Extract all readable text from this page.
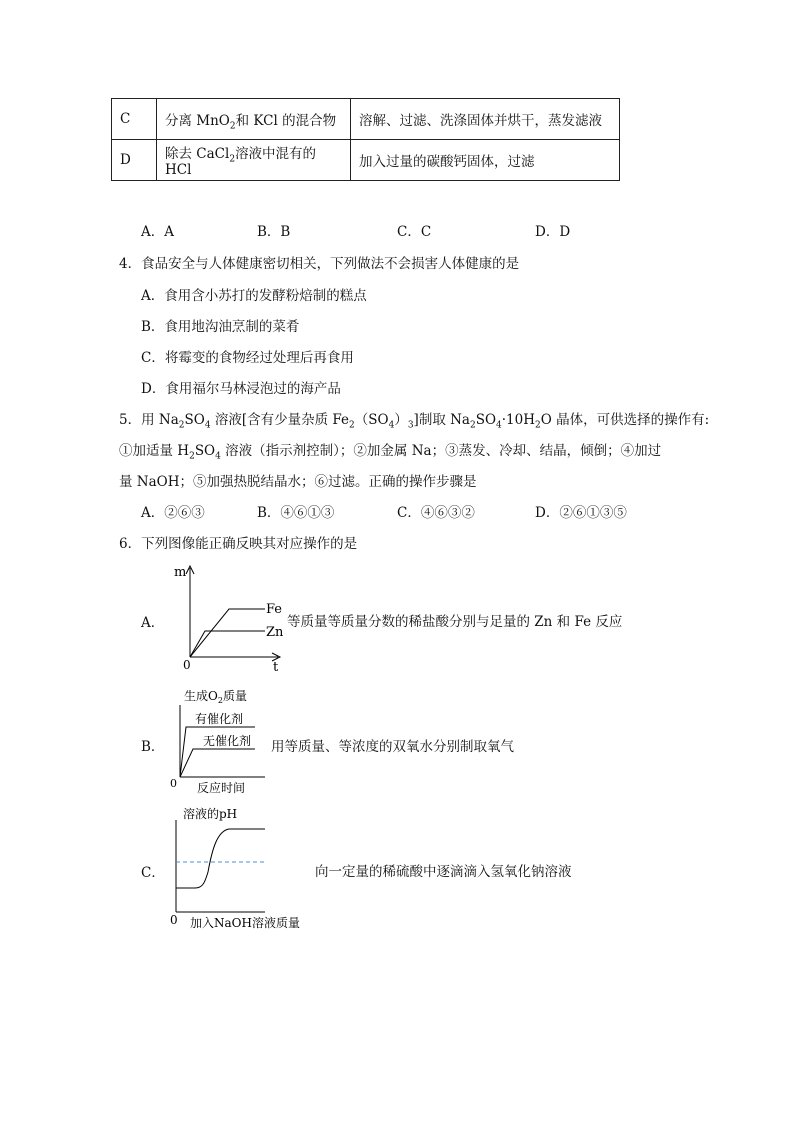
C	分离 MnO$_2$和 KCl 的混合物	溶解、过滤、洗涤固体并烘干，蒸发滤液
D	除去 CaCl$_2$溶液中混有的 HCl	加入过量的碳酸钙固体，过滤
A．A	B．B	C．C	D．D
4．食品安全与人体健康密切相关，下列做法不会损害人体健康的是
A．食用含小苏打的发酵粉焙制的糕点
B．食用地沟油烹制的菜肴
C．将霉变的食物经过处理后再食用
D．食用福尔马林浸泡过的海产品
5．用 $Na_2SO_4$ 溶液[含有少量杂质 $Fe_2(SO_4)_3$]制取 $Na_2SO_4\cdot 10H_2O$ 晶体，可供选择的操作有:
①加适量 $H_2SO_4$ 溶液（指示剂控制）；②加金属 Na；③蒸发、冷却、结晶，倾倒；④加过
量 NaOH；⑤加强热脱结晶水；⑥过滤。正确的操作步骤是
A．②⑥③	B．④⑥①③	C．④⑥③②	D．②⑥①③⑤
6．下列图像能正确反映其对应操作的是
A．
m
t
0
Fe
Zn
等质量等质量分数的稀盐酸分别与足量的 Zn 和 Fe 反应
B．
生成$O_2$质量
有催化剂
无催化剂
0 反应时间
用等质量、等浓度的双氧水分别制取氧气
C．
溶液的pH
0 加入NaOH溶液质量
向一定量的稀硫酸中逐滴滴入氢氧化钠溶液
